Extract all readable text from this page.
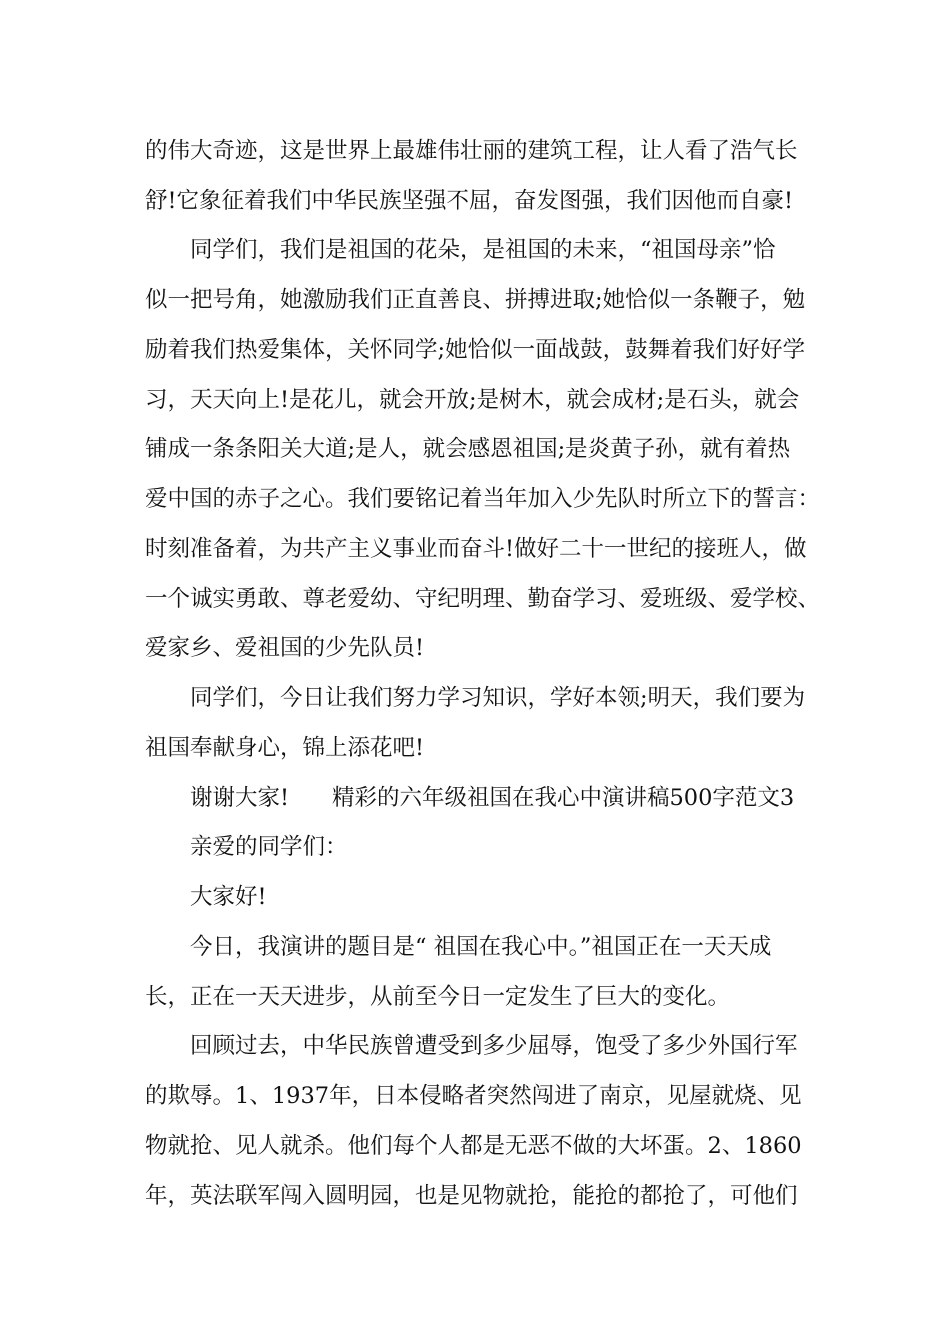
的伟大奇迹，这是世界上最雄伟壮丽的建筑工程，让人看了浩气长
舒!它象征着我们中华民族坚强不屈，奋发图强，我们因他而自豪!
同学们，我们是祖国的花朵，是祖国的未来，“祖国母亲”恰
似一把号角，她激励我们正直善良、拼搏进取;她恰似一条鞭子，勉
励着我们热爱集体，关怀同学;她恰似一面战鼓，鼓舞着我们好好学
习，天天向上!是花儿，就会开放;是树木，就会成材;是石头，就会
铺成一条条阳关大道;是人，就会感恩祖国;是炎黄子孙，就有着热
爱中国的赤子之心。我们要铭记着当年加入少先队时所立下的誓言：
时刻准备着，为共产主义事业而奋斗!做好二十一世纪的接班人，做
一个诚实勇敢、尊老爱幼、守纪明理、勤奋学习、爱班级、爱学校、
爱家乡、爱祖国的少先队员!
同学们，今日让我们努力学习知识，学好本领;明天，我们要为
祖国奉献身心，锦上添花吧!
谢谢大家!      精彩的六年级祖国在我心中演讲稿500字范文3
亲爱的同学们：
大家好!
今日，我演讲的题目是“ 祖国在我心中。”祖国正在一天天成
长，正在一天天进步，从前至今日一定发生了巨大的变化。
回顾过去，中华民族曾遭受到多少屈辱，饱受了多少外国行军
的欺辱。1、1937年，日本侵略者突然闯进了南京，见屋就烧、见
物就抢、见人就杀。他们每个人都是无恶不做的大坏蛋。2、1860
年，英法联军闯入圆明园，也是见物就抢，能抢的都抢了，可他们
